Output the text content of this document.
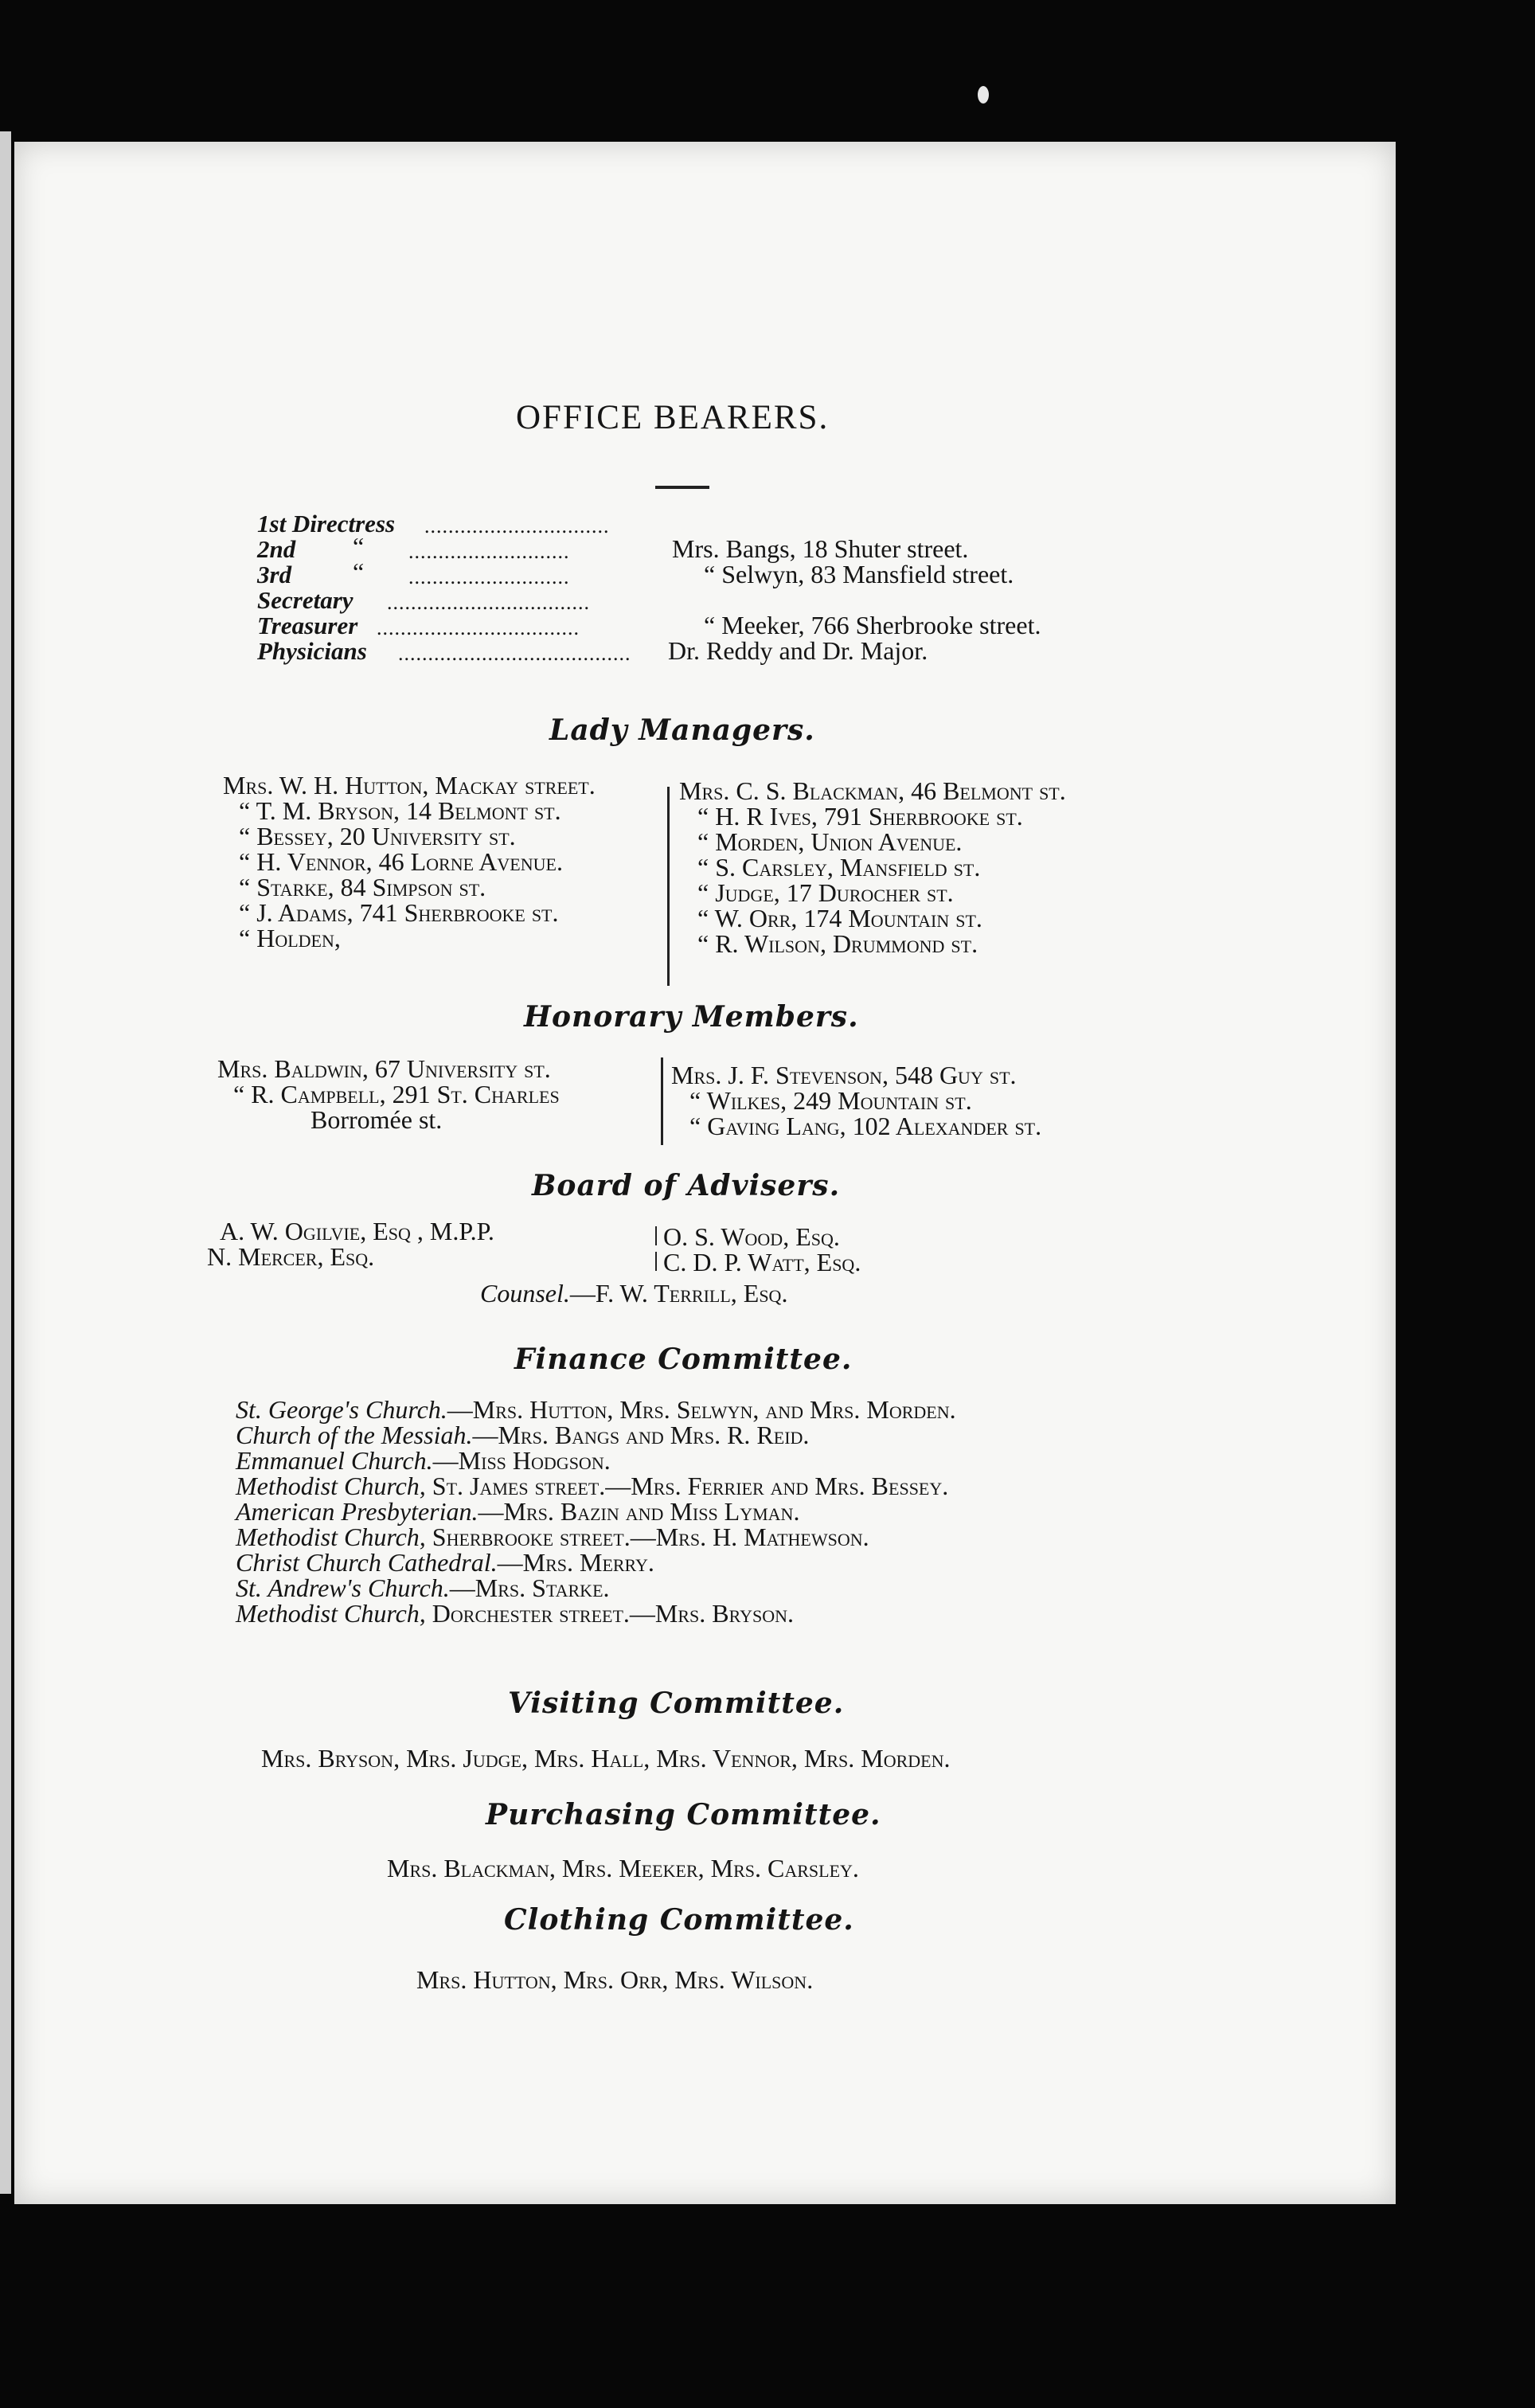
OFFICE BEARERS.
1st Directress ...............................
2nd “ ...........................	Mrs. Bangs, 18 Shuter street.
3rd “ ...........................	“ Selwyn, 83 Mansfield street.
Secretary ..................................
Treasurer ..................................	“ Meeker, 766 Sherbrooke street.
Physicians ....................................... Dr. Reddy and Dr. Major.
Lady Managers.
Mrs. W. H. Hutton, Mackay street.
“ T. M. Bryson, 14 Belmont st.
“ Bessey, 20 University st.
“ H. Vennor, 46 Lorne Avenue.
“ Starke, 84 Simpson st.
“ J. Adams, 741 Sherbrooke st.
“ Holden,
Mrs. C. S. Blackman, 46 Belmont st.
“ H. R Ives, 791 Sherbrooke st.
“ Morden, Union Avenue.
“ S. Carsley, Mansfield st.
“ Judge, 17 Durocher st.
“ W. Orr, 174 Mountain st.
“ R. Wilson, Drummond st.
Honorary Members.
Mrs. Baldwin, 67 University st.
“ R. Campbell, 291 St. Charles
Borromée st.
Mrs. J. F. Stevenson, 548 Guy st.
“ Wilkes, 249 Mountain st.
“ Gaving Lang, 102 Alexander st.
Board of Advisers.
A. W. Ogilvie, Esq , M.P.P.
N. Mercer, Esq.
O. S. Wood, Esq.
C. D. P. Watt, Esq.
Counsel.—F. W. Terrill, Esq.
Finance Committee.
St. George's Church.—Mrs. Hutton, Mrs. Selwyn, and Mrs. Morden.
Church of the Messiah.—Mrs. Bangs and Mrs. R. Reid.
Emmanuel Church.—Miss Hodgson.
Methodist Church, St. James street.—Mrs. Ferrier and Mrs. Bessey.
American Presbyterian.—Mrs. Bazin and Miss Lyman.
Methodist Church, Sherbrooke street.—Mrs. H. Mathewson.
Christ Church Cathedral.—Mrs. Merry.
St. Andrew's Church.—Mrs. Starke.
Methodist Church, Dorchester street.—Mrs. Bryson.
Visiting Committee.
Mrs. Bryson, Mrs. Judge, Mrs. Hall, Mrs. Vennor, Mrs. Morden.
Purchasing Committee.
Mrs. Blackman, Mrs. Meeker, Mrs. Carsley.
Clothing Committee.
Mrs. Hutton, Mrs. Orr, Mrs. Wilson.
